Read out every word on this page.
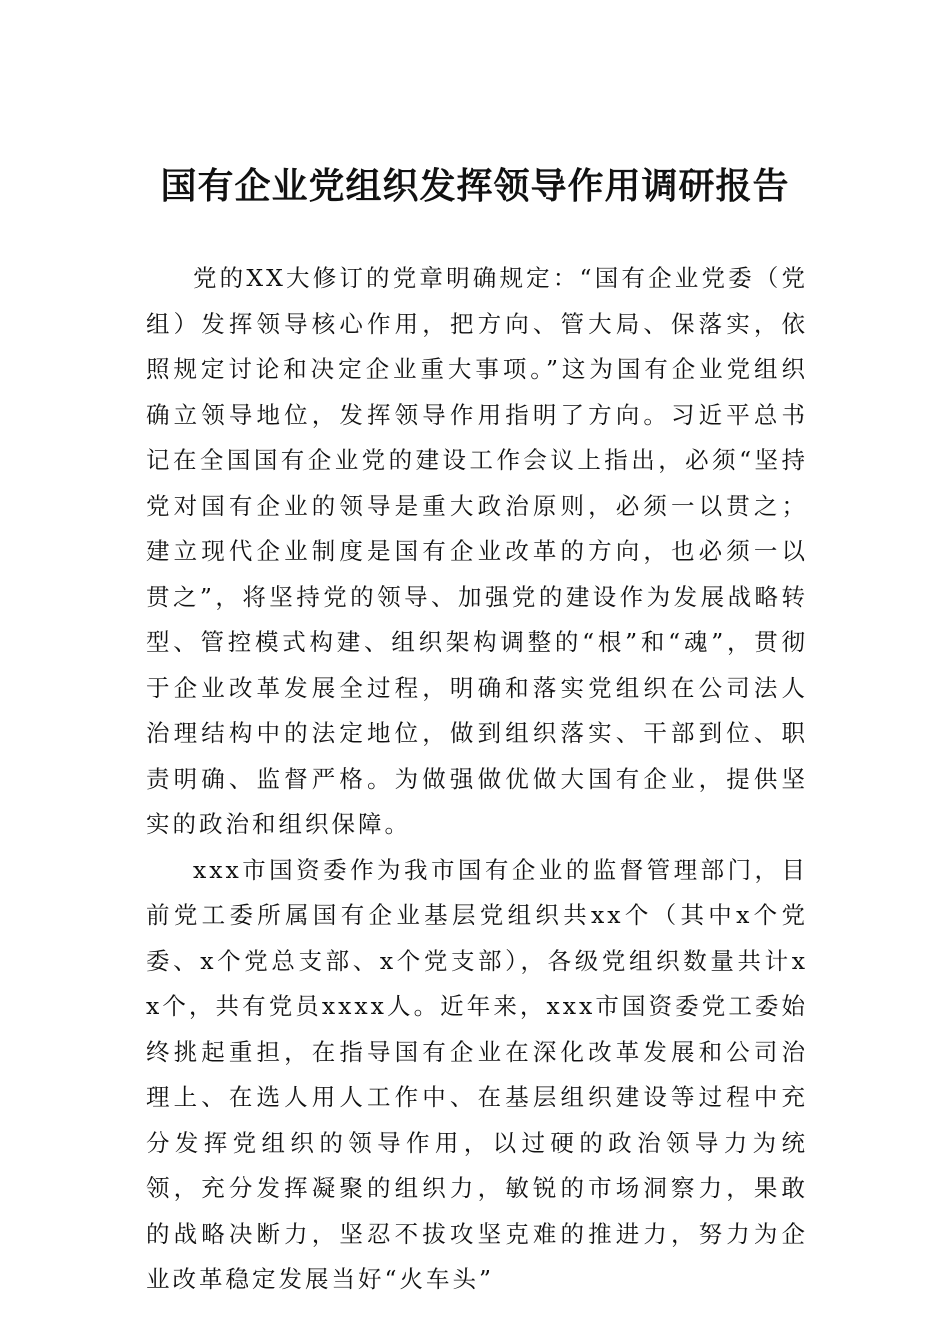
国有企业党组织发挥领导作用调研报告

党的XX大修订的党章明确规定：“国有企业党委（党组）发挥领导核心作用，把方向、管大局、保落实，依照规定讨论和决定企业重大事项。”这为国有企业党组织确立领导地位，发挥领导作用指明了方向。习近平总书记在全国国有企业党的建设工作会议上指出，必须“坚持党对国有企业的领导是重大政治原则，必须一以贯之；建立现代企业制度是国有企业改革的方向，也必须一以贯之”，将坚持党的领导、加强党的建设作为发展战略转型、管控模式构建、组织架构调整的“根”和“魂”，贯彻于企业改革发展全过程，明确和落实党组织在公司法人治理结构中的法定地位，做到组织落实、干部到位、职责明确、监督严格。为做强做优做大国有企业，提供坚实的政治和组织保障。

xxx市国资委作为我市国有企业的监督管理部门，目前党工委所属国有企业基层党组织共xx个（其中x个党委、x个党总支部、x个党支部），各级党组织数量共计xx个，共有党员xxxx人。近年来，xxx市国资委党工委始终挑起重担，在指导国有企业在深化改革发展和公司治理上、在选人用人工作中、在基层组织建设等过程中充分发挥党组织的领导作用，以过硬的政治领导力为统领，充分发挥凝聚的组织力，敏锐的市场洞察力，果敢的战略决断力，坚忍不拔攻坚克难的推进力，努力为企业改革稳定发展当好“火车头”
